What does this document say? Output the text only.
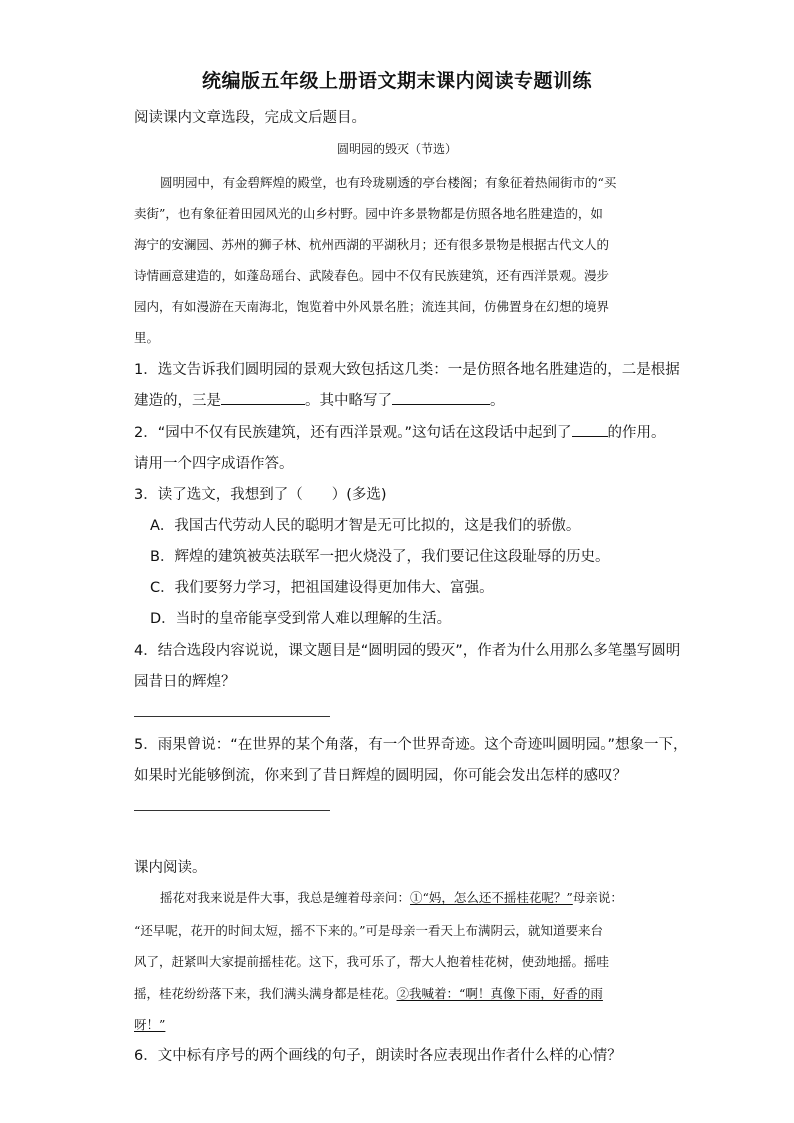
统编版五年级上册语文期末课内阅读专题训练
阅读课内文章选段，完成文后题目。
圆明园的毁灭（节选）
圆明园中，有金碧辉煌的殿堂，也有玲珑剔透的亭台楼阁；有象征着热闹街市的“买
卖街”，也有象征着田园风光的山乡村野。园中许多景物都是仿照各地名胜建造的，如
海宁的安澜园、苏州的狮子林、杭州西湖的平湖秋月；还有很多景物是根据古代文人的
诗情画意建造的，如蓬岛瑶台、武陵春色。园中不仅有民族建筑，还有西洋景观。漫步
园内，有如漫游在天南海北，饱览着中外风景名胜；流连其间，仿佛置身在幻想的境界
里。
1．选文告诉我们圆明园的景观大致包括这几类：一是仿照各地名胜建造的，二是根据
建造的，三是	。其中略写了	。
2．“园中不仅有民族建筑，还有西洋景观。”这句话在这段话中起到了 的作用。
请用一个四字成语作答。
3．读了选文，我想到了（　　）(多选)
A．我国古代劳动人民的聪明才智是无可比拟的，这是我们的骄傲。
B．辉煌的建筑被英法联军一把火烧没了，我们要记住这段耻辱的历史。
C．我们要努力学习，把祖国建设得更加伟大、富强。
D．当时的皇帝能享受到常人难以理解的生活。
4．结合选段内容说说，课文题目是“圆明园的毁灭”，作者为什么用那么多笔墨写圆明
园昔日的辉煌？
5．雨果曾说：“在世界的某个角落，有一个世界奇迹。这个奇迹叫圆明园。”想象一下，
如果时光能够倒流，你来到了昔日辉煌的圆明园，你可能会发出怎样的感叹？
课内阅读。
摇花对我来说是件大事，我总是缠着母亲问：①“妈，怎么还不摇桂花呢？”母亲说：
“还早呢，花开的时间太短，摇不下来的。”可是母亲一看天上布满阴云，就知道要来台
风了，赶紧叫大家提前摇桂花。这下，我可乐了，帮大人抱着桂花树，使劲地摇。摇哇
摇，桂花纷纷落下来，我们满头满身都是桂花。②我喊着：“啊！真像下雨，好香的雨
呀！”
6．文中标有序号的两个画线的句子，朗读时各应表现出作者什么样的心情？
